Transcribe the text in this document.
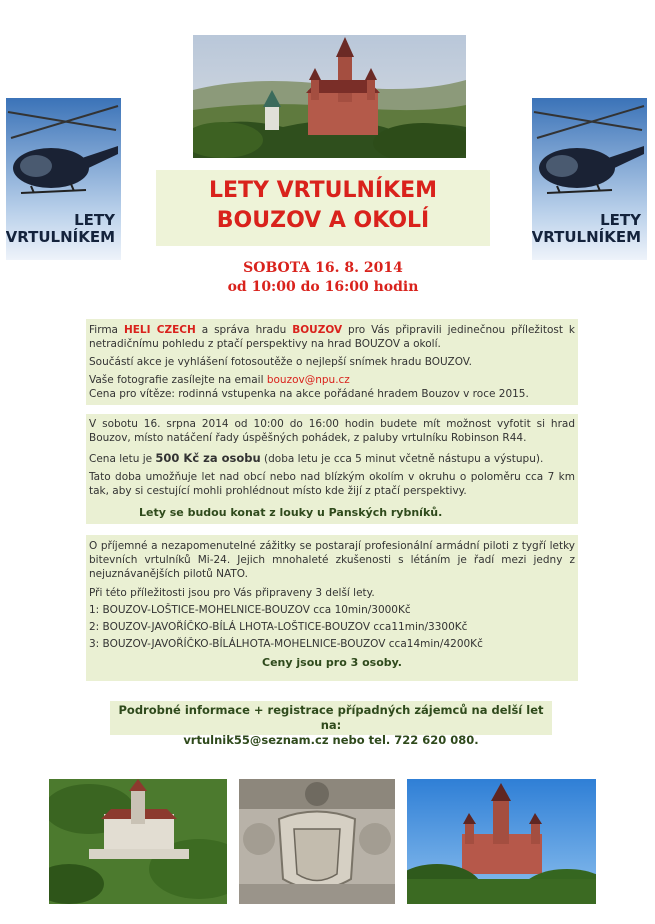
LETY
VRTULNÍKEM
LETY
VRTULNÍKEM
LETY VRTULNÍKEM
BOUZOV A OKOLÍ
SOBOTA 16. 8. 2014
od 10:00 do 16:00 hodin
Firma HELI CZECH a správa hradu BOUZOV pro Vás připravili jedinečnou příležitost k netradičnímu pohledu z ptačí perspektivy na hrad BOUZOV a okolí.
Součástí akce je vyhlášení fotosoutěže o nejlepší snímek hradu BOUZOV.
Vaše fotografie zasílejte na email bouzov@npu.cz
Cena pro vítěze: rodinná vstupenka na akce pořádané hradem Bouzov v roce 2015.
V sobotu 16. srpna 2014 od 10:00 do 16:00 hodin budete mít možnost vyfotit si hrad Bouzov, místo natáčení řady úspěšných pohádek, z paluby vrtulníku Robinson R44.
Cena letu je 500 Kč za osobu (doba letu je cca 5 minut včetně nástupu a výstupu).
Tato doba umožňuje let nad obcí nebo nad blízkým okolím v okruhu o poloměru cca 7 km tak, aby si cestující mohli prohlédnout místo kde žijí z ptačí perspektivy.
Lety se budou konat z louky u Panských rybníků.
O příjemné a nezapomenutelné zážitky se postarají profesionální armádní piloti z tygří letky bitevních vrtulníků Mi-24. Jejich mnohaleté zkušenosti s létáním je řadí mezi jedny z nejuznávanějších pilotů NATO.
Při této příležitosti jsou pro Vás připraveny 3 delší lety.
1: BOUZOV-LOŠTICE-MOHELNICE-BOUZOV cca 10min/3000Kč
2: BOUZOV-JAVOŘÍČKO-BÍLÁ LHOTA-LOŠTICE-BOUZOV cca11min/3300Kč
3: BOUZOV-JAVOŘÍČKO-BÍLÁLHOTA-MOHELNICE-BOUZOV cca14min/4200Kč
Ceny jsou pro 3 osoby.
Podrobné informace + registrace případných zájemců na delší let na:
vrtulnik55@seznam.cz nebo tel. 722 620 080.
